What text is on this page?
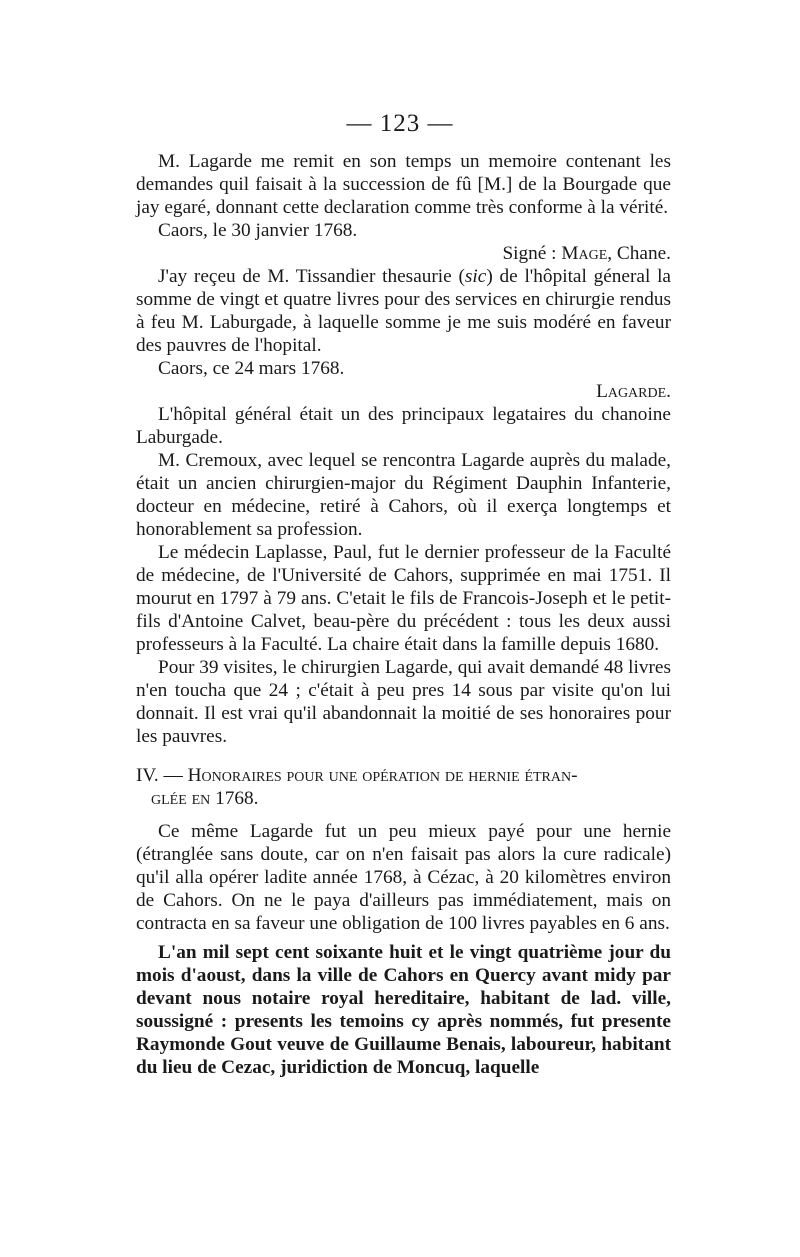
— 123 —

M. Lagarde me remit en son temps un memoire contenant les demandes quil faisait à la succession de fû [M.] de la Bourgade que jay egaré, donnant cette declaration comme très conforme à la vérité.

Caors, le 30 janvier 1768.

Signé : Mage, Chane.

J'ay reçeu de M. Tissandier thesaurie (sic) de l'hôpital géneral la somme de vingt et quatre livres pour des services en chirurgie rendus à feu M. Laburgade, à laquelle somme je me suis modéré en faveur des pauvres de l'hopital.

Caors, ce 24 mars 1768.

Lagarde.

L'hôpital général était un des principaux legataires du chanoine Laburgade.

M. Cremoux, avec lequel se rencontra Lagarde auprès du malade, était un ancien chirurgien-major du Régiment Dauphin Infanterie, docteur en médecine, retiré à Cahors, où il exerça longtemps et honorablement sa profession.

Le médecin Laplasse, Paul, fut le dernier professeur de la Faculté de médecine, de l'Université de Cahors, supprimée en mai 1751. Il mourut en 1797 à 79 ans. C'etait le fils de Francois-Joseph et le petit-fils d'Antoine Calvet, beau-père du précédent : tous les deux aussi professeurs à la Faculté. La chaire était dans la famille depuis 1680.

Pour 39 visites, le chirurgien Lagarde, qui avait demandé 48 livres n'en toucha que 24 ; c'était à peu pres 14 sous par visite qu'on lui donnait. Il est vrai qu'il abandonnait la moitié de ses honoraires pour les pauvres.

IV. — Honoraires pour une opération de hernie étran-
glée en 1768.

Ce même Lagarde fut un peu mieux payé pour une hernie (étranglée sans doute, car on n'en faisait pas alors la cure radicale) qu'il alla opérer ladite année 1768, à Cézac, à 20 kilomètres environ de Cahors. On ne le paya d'ailleurs pas immédiatement, mais on contracta en sa faveur une obligation de 100 livres payables en 6 ans.

L'an mil sept cent soixante huit et le vingt quatrième jour du mois d'aoust, dans la ville de Cahors en Quercy avant midy par devant nous notaire royal hereditaire, habitant de lad. ville, soussigné : presents les temoins cy après nommés, fut presente Raymonde Gout veuve de Guillaume Benais, laboureur, habitant du lieu de Cezac, juridiction de Moncuq, laquelle
